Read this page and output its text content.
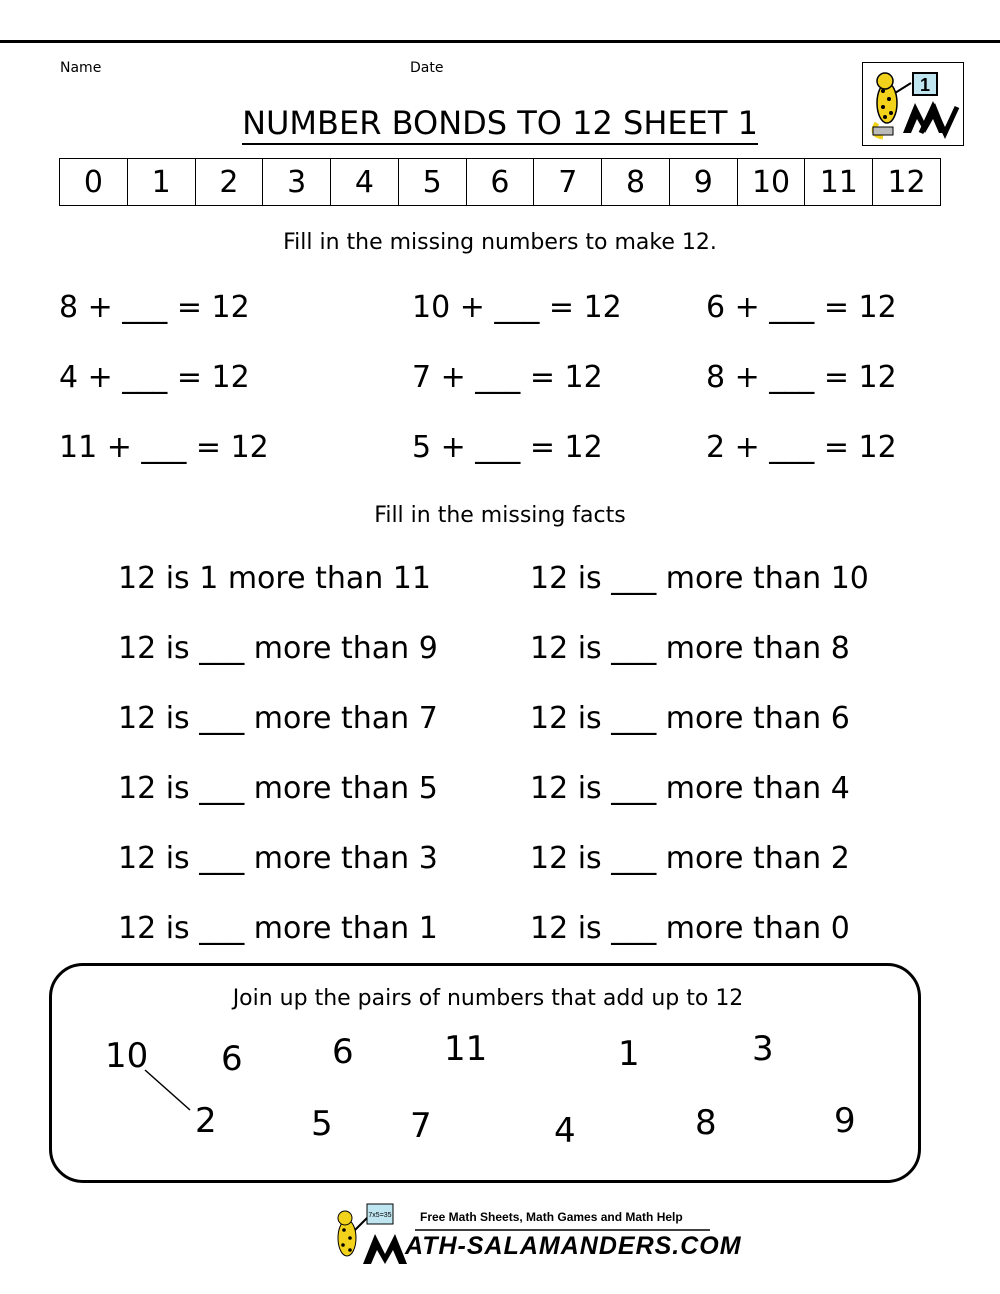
Name	Date
1
NUMBER BONDS TO 12 SHEET 1
0	1	2	3	4	5	6	7	8	9	10 11 12
Fill in the missing numbers to make 12.
8 + ___ = 12	10 + ___ = 12	6 + ___ = 12
4 + ___ = 12	7 + ___ = 12	8 + ___ = 12
11 + ___ = 12	5 + ___ = 12	2 + ___ = 12
Fill in the missing facts
12 is 1 more than 11	12 is ___ more than 10
12 is ___ more than 9	12 is ___ more than 8
12 is ___ more than 7	12 is ___ more than 6
12 is ___ more than 5	12 is ___ more than 4
12 is ___ more than 3	12 is ___ more than 2
12 is ___ more than 1	12 is ___ more than 0
Join up the pairs of numbers that add up to 12
10 6	6	11	1	3
2	5 7	4	8	9
7x5=35 Free Math Sheets, Math Games and Math Help
ATH-SALAMANDERS.COM
